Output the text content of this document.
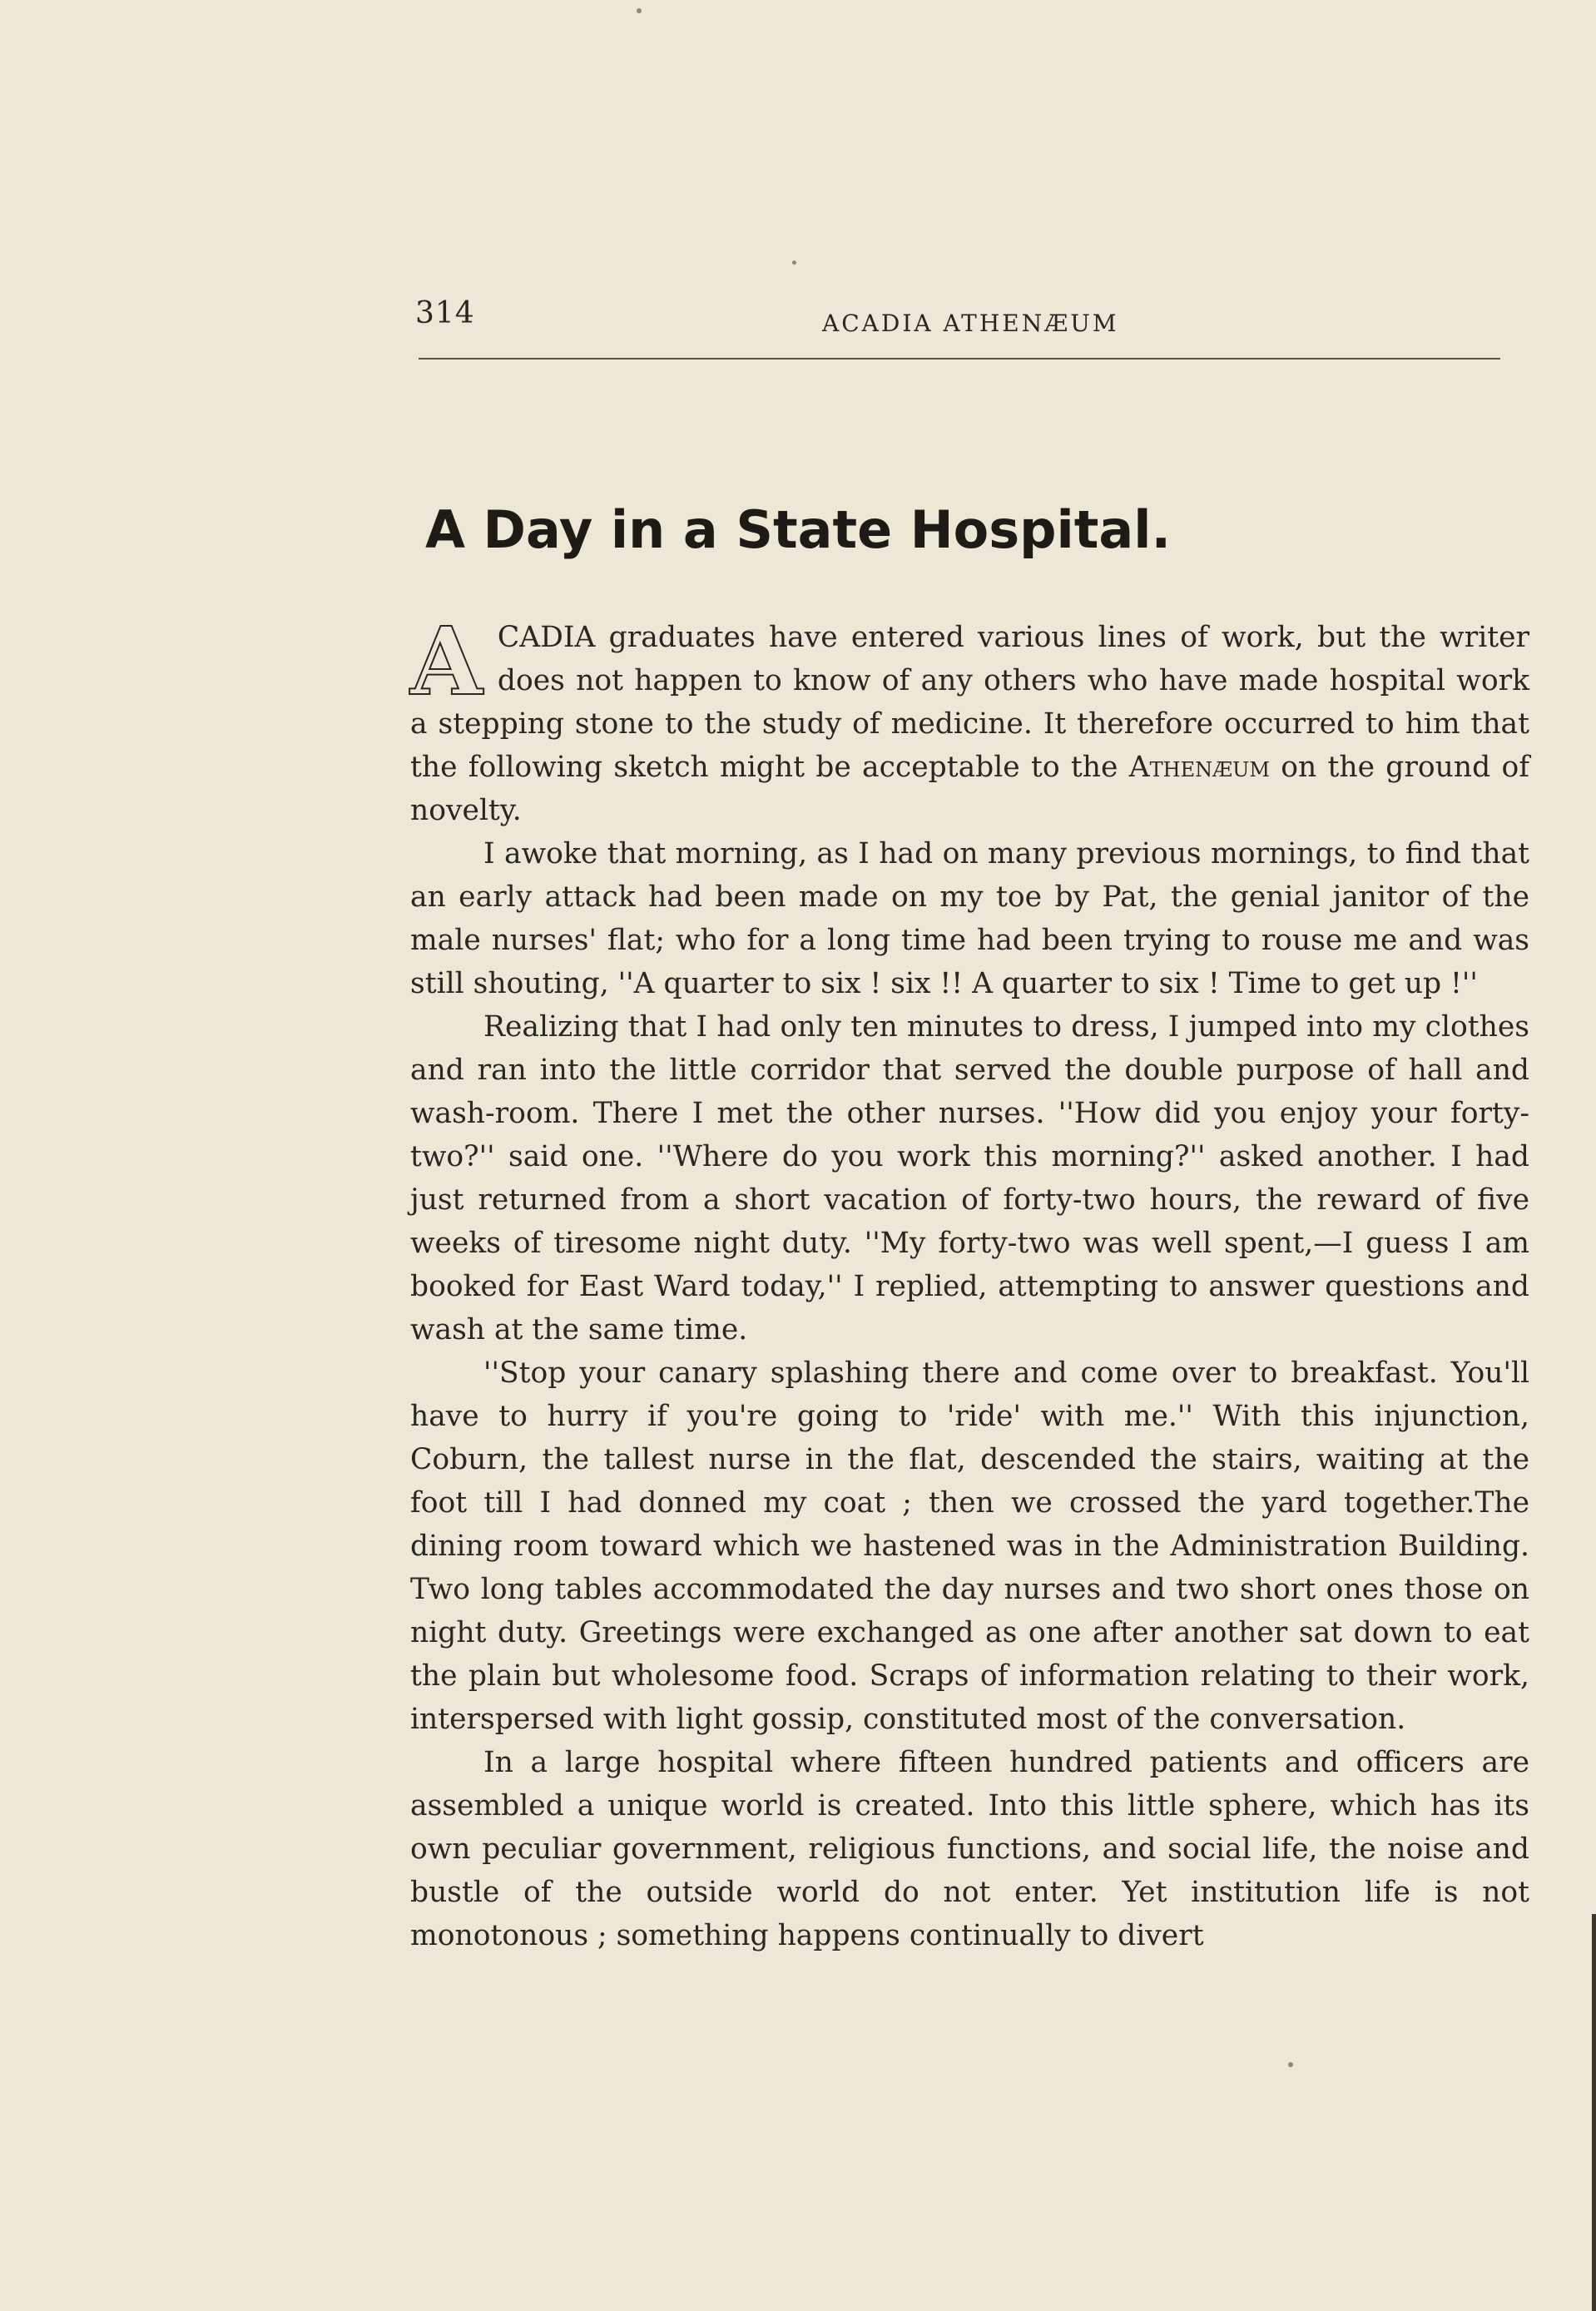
314	ACADIA ATHENÆUM
A Day in a State Hospital.

ACADIA graduates have entered various lines of work, but the writer does not happen to know of any others who have made hospital work a stepping stone to the study of medicine. It therefore occurred to him that the following sketch might be acceptable to the Athenæum on the ground of novelty.

I awoke that morning, as I had on many previous mornings, to find that an early attack had been made on my toe by Pat, the genial janitor of the male nurses' flat; who for a long time had been trying to rouse me and was still shouting, ''A quarter to six ! six !! A quarter to six ! Time to get up !''

Realizing that I had only ten minutes to dress, I jumped into my clothes and ran into the little corridor that served the double purpose of hall and wash-room. There I met the other nurses. ''How did you enjoy your forty-two?'' said one. ''Where do you work this morning?'' asked another. I had just returned from a short vacation of forty-two hours, the reward of five weeks of tiresome night duty. ''My forty-two was well spent,—I guess I am booked for East Ward today,'' I replied, attempting to answer questions and wash at the same time.

''Stop your canary splashing there and come over to breakfast. You'll have to hurry if you're going to 'ride' with me.'' With this injunction, Coburn, the tallest nurse in the flat, descended the stairs, waiting at the foot till I had donned my coat ; then we crossed the yard together.The dining room toward which we hastened was in the Administration Building. Two long tables accommodated the day nurses and two short ones those on night duty. Greetings were exchanged as one after another sat down to eat the plain but wholesome food. Scraps of information relating to their work, interspersed with light gossip, constituted most of the conversation.

In a large hospital where fifteen hundred patients and officers are assembled a unique world is created. Into this little sphere, which has its own peculiar government, religious functions, and social life, the noise and bustle of the outside world do not enter. Yet institution life is not monotonous ; something happens continually to divert
